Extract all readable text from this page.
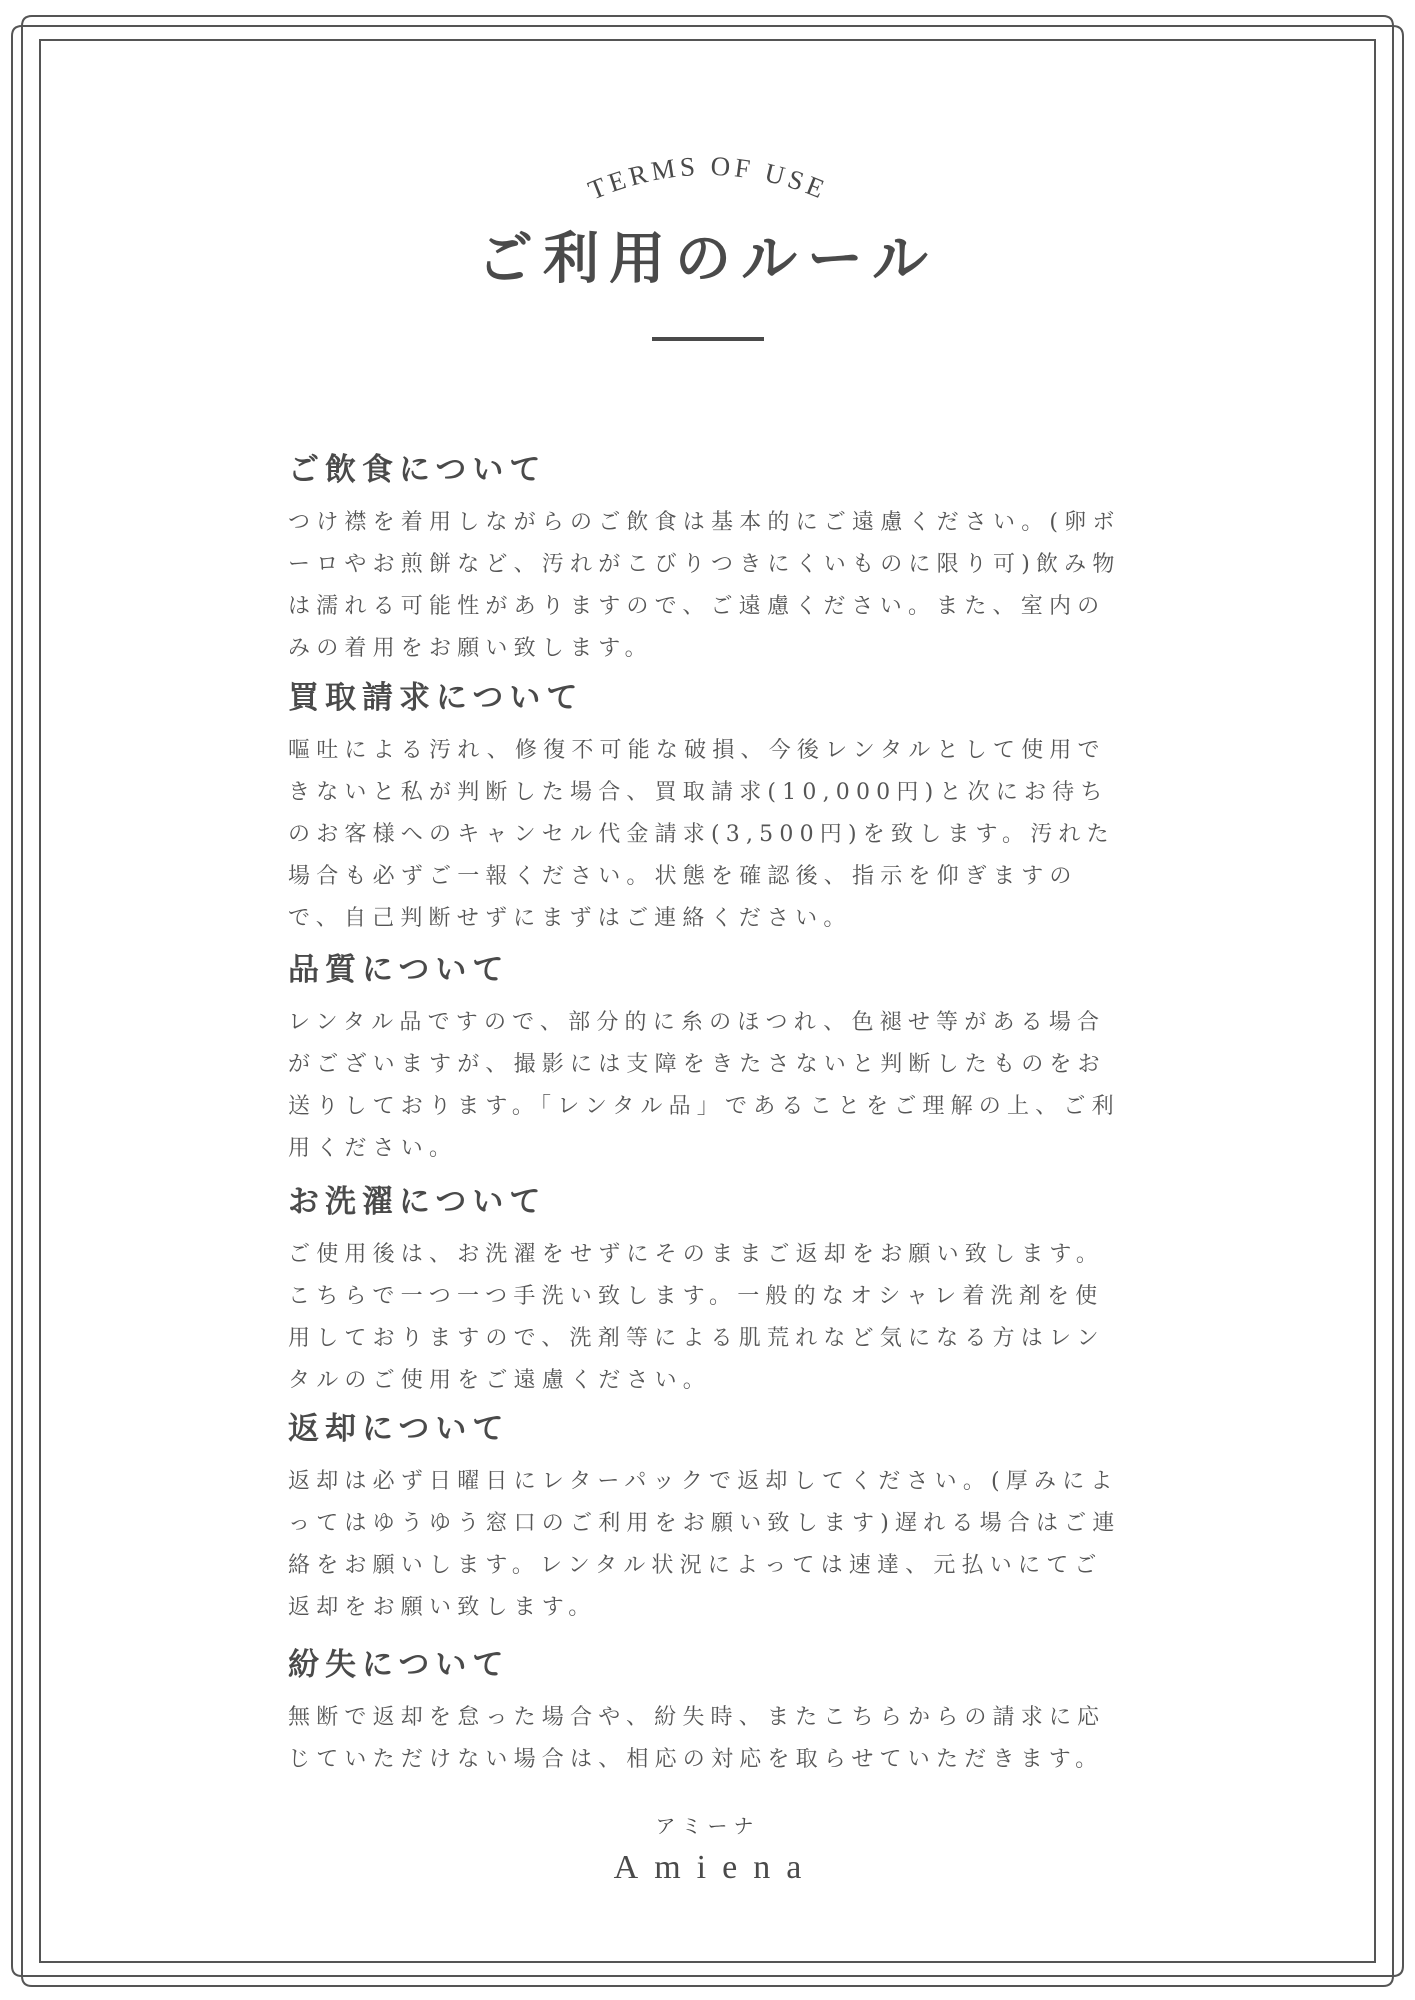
TERMS OF USE
ご利用のルール
ご飲食について

つけ襟を着用しながらのご飲食は基本的にご遠慮ください。(卵ボーロやお煎餅など、汚れがこびりつきにくいものに限り可)飲み物は濡れる可能性がありますので、ご遠慮ください。また、室内のみの着用をお願い致します。

買取請求について

嘔吐による汚れ、修復不可能な破損、今後レンタルとして使用できないと私が判断した場合、買取請求(10,000円)と次にお待ちのお客様へのキャンセル代金請求(3,500円)を致します。汚れた場合も必ずご一報ください。状態を確認後、指示を仰ぎますので、自己判断せずにまずはご連絡ください。

品質について

レンタル品ですので、部分的に糸のほつれ、色褪せ等がある場合がございますが、撮影には支障をきたさないと判断したものをお送りしております。「レンタル品」であることをご理解の上、ご利用ください。

お洗濯について

ご使用後は、お洗濯をせずにそのままご返却をお願い致します。こちらで一つ一つ手洗い致します。一般的なオシャレ着洗剤を使用しておりますので、洗剤等による肌荒れなど気になる方はレンタルのご使用をご遠慮ください。

返却について

返却は必ず日曜日にレターパックで返却してください。(厚みによってはゆうゆう窓口のご利用をお願い致します)遅れる場合はご連絡をお願いします。レンタル状況によっては速達、元払いにてご返却をお願い致します。

紛失について

無断で返却を怠った場合や、紛失時、またこちらからの請求に応じていただけない場合は、相応の対応を取らせていただきます。

アミーナ
Amiena
